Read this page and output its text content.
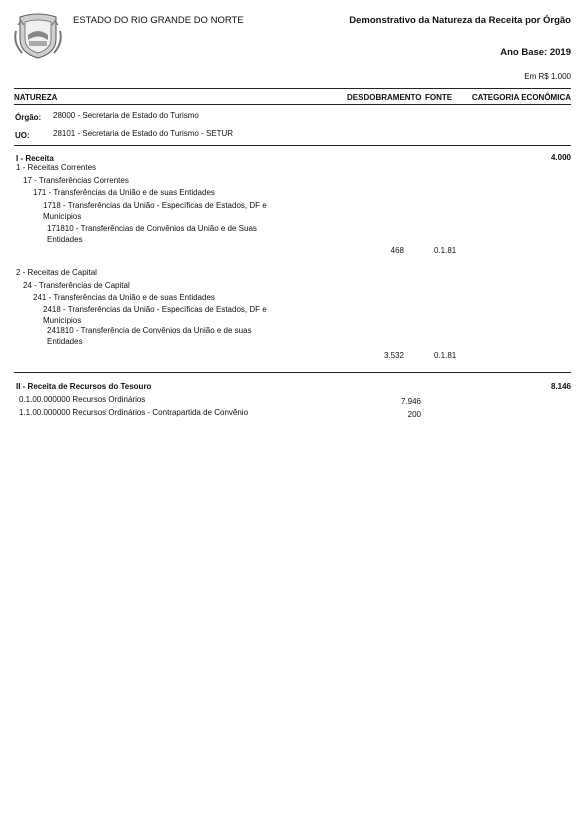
ESTADO DO RIO GRANDE DO NORTE	Demonstrativo da Natureza da Receita por Órgão
Ano Base: 2019
Em R$ 1.000
NATUREZA	DESDOBRAMENTO FONTE CATEGORIA ECONÔMICA
Órgão: 28000 - Secretaria de Estado do Turismo
UO:	28101 - Secretaria de Estado do Turismo - SETUR
I - Receita	4.000
1 - Receitas Correntes
17 - Transferências Correntes
171 - Transferências da União e de suas Entidades
1718 - Transferências da União - Específicas de Estados, DF e Municípios
171810 - Transferências de Convênios da União e de Suas Entidades
468	0.1.81
2 - Receitas de Capital
24 - Transferências de Capital
241 - Transferências da União e de suas Entidades
2418 - Transferências da União - Específicas de Estados, DF e Municípios
241810 - Transferência de Convênios da União e de suas Entidades
3.532	0.1.81
II - Receita de Recursos do Tesouro	8.146
0.1.00.000000 Recursos Ordinários	7.946
1.1.00.000000 Recursos Ordinários - Contrapartida de Convênio	200
